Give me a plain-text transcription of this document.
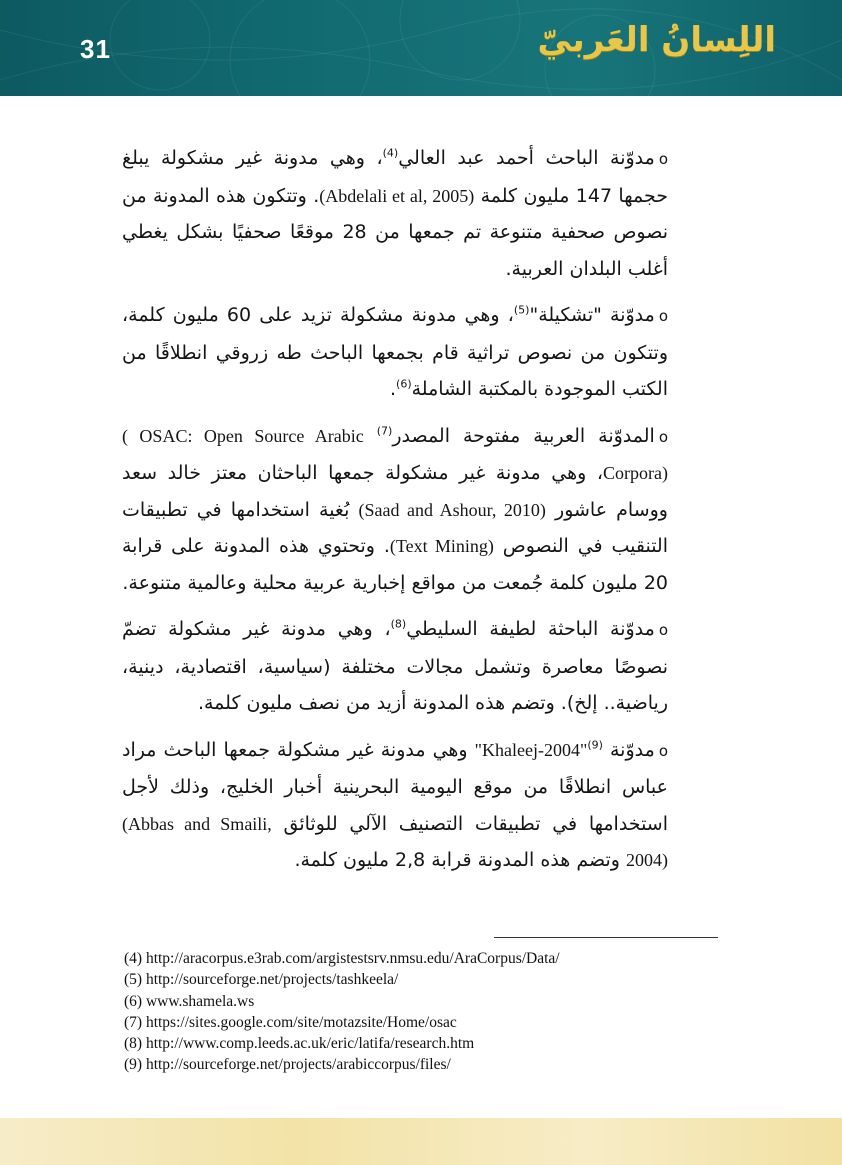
31	اللِسانُ العَربيّ

oمدوّنة الباحث أحمد عبد العالي$^{(4)}$، وهي مدونة غير مشكولة يبلغ حجمها 147 مليون كلمة (Abdelali et al, 2005). وتتكون هذه المدونة من نصوص صحفية متنوعة تم جمعها من 28 موقعًا صحفيًا بشكل يغطي أغلب البلدان العربية.

oمدوّنة "تشكيلة"$^{(5)}$، وهي مدونة مشكولة تزيد على 60 مليون كلمة، وتتكون من نصوص تراثية قام بجمعها الباحث طه زروقي انطلاقًا من الكتب الموجودة بالمكتبة الشاملة$^{(6)}$.

oالمدوّنة العربية مفتوحة المصدر$^{(7)}$ ( OSAC: Open Source Arabic Corpora)، وهي مدونة غير مشكولة جمعها الباحثان معتز خالد سعد ووسام عاشور (Saad and Ashour, 2010) بُغية استخدامها في تطبيقات التنقيب في النصوص (Text Mining). وتحتوي هذه المدونة على قرابة 20 مليون كلمة جُمعت من مواقع إخبارية عربية محلية وعالمية متنوعة.

oمدوّنة الباحثة لطيفة السليطي$^{(8)}$، وهي مدونة غير مشكولة تضمّ نصوصًا معاصرة وتشمل مجالات مختلفة (سياسية، اقتصادية، دينية، رياضية.. إلخ). وتضم هذه المدونة أزيد من نصف مليون كلمة.

oمدوّنة "Khaleej-2004"$^{(9)}$ وهي مدونة غير مشكولة جمعها الباحث مراد عباس انطلاقًا من موقع اليومية البحرينية أخبار الخليج، وذلك لأجل استخدامها في تطبيقات التصنيف الآلي للوثائق (Abbas and Smaili, 2004) وتضم هذه المدونة قرابة 2,8 مليون كلمة.

(4) http://aracorpus.e3rab.com/argistestsrv.nmsu.edu/AraCorpus/Data/
(5) http://sourceforge.net/projects/tashkeela/
(6) www.shamela.ws
(7) https://sites.google.com/site/motazsite/Home/osac
(8) http://www.comp.leeds.ac.uk/eric/latifa/research.htm
(9) http://sourceforge.net/projects/arabiccorpus/files/
